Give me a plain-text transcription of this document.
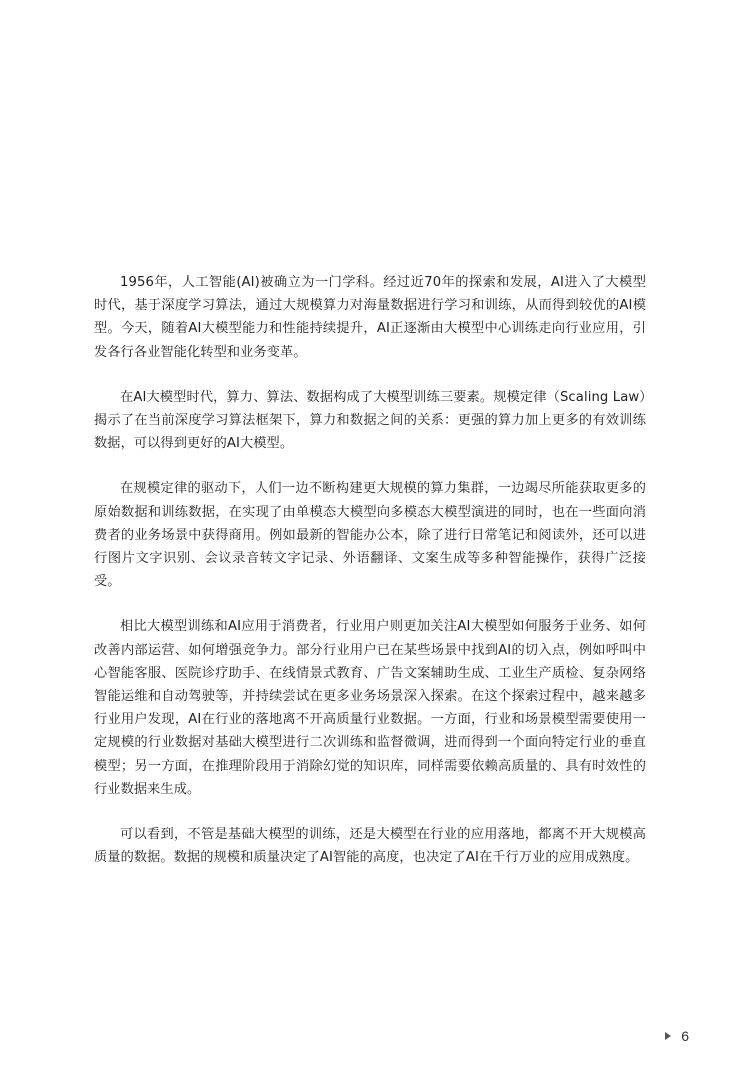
1956年，人工智能(AI)被确立为一门学科。经过近70年的探索和发展，AI进入了大模型时代，基于深度学习算法，通过大规模算力对海量数据进行学习和训练，从而得到较优的AI模型。今天，随着AI大模型能力和性能持续提升，AI正逐渐由大模型中心训练走向行业应用，引发各行各业智能化转型和业务变革。

在AI大模型时代，算力、算法、数据构成了大模型训练三要素。规模定律（Scaling Law）揭示了在当前深度学习算法框架下，算力和数据之间的关系：更强的算力加上更多的有效训练数据，可以得到更好的AI大模型。

在规模定律的驱动下，人们一边不断构建更大规模的算力集群，一边竭尽所能获取更多的原始数据和训练数据，在实现了由单模态大模型向多模态大模型演进的同时，也在一些面向消费者的业务场景中获得商用。例如最新的智能办公本，除了进行日常笔记和阅读外，还可以进行图片文字识别、会议录音转文字记录、外语翻译、文案生成等多种智能操作，获得广泛接受。

相比大模型训练和AI应用于消费者，行业用户则更加关注AI大模型如何服务于业务、如何改善内部运营、如何增强竞争力。部分行业用户已在某些场景中找到AI的切入点，例如呼叫中心智能客服、医院诊疗助手、在线情景式教育、广告文案辅助生成、工业生产质检、复杂网络智能运维和自动驾驶等，并持续尝试在更多业务场景深入探索。在这个探索过程中，越来越多行业用户发现，AI在行业的落地离不开高质量行业数据。一方面，行业和场景模型需要使用一定规模的行业数据对基础大模型进行二次训练和监督微调，进而得到一个面向特定行业的垂直模型；另一方面，在推理阶段用于消除幻觉的知识库，同样需要依赖高质量的、具有时效性的行业数据来生成。

可以看到，不管是基础大模型的训练，还是大模型在行业的应用落地，都离不开大规模高质量的数据。数据的规模和质量决定了AI智能的高度，也决定了AI在千行万业的应用成熟度。

6
